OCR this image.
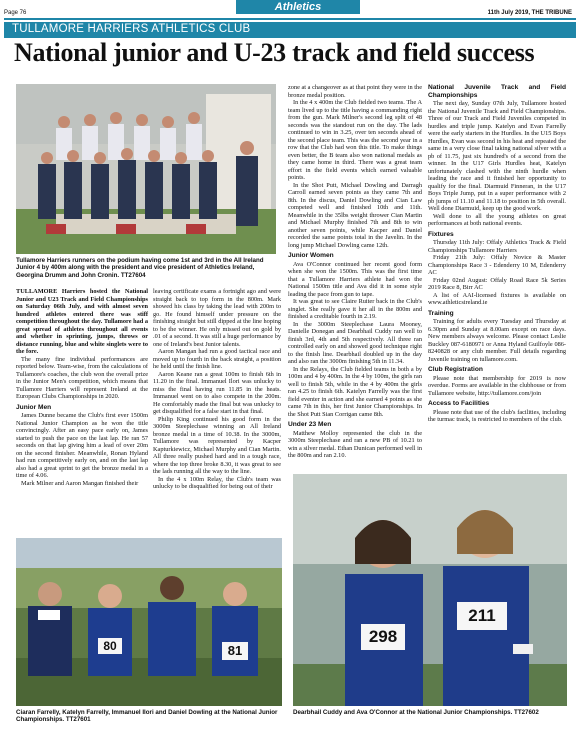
Page 76	Athletics	11th July 2019, THE TRIBUNE
TULLAMORE HARRIERS ATHLETICS CLUB
National junior and U-23 track and field success
Tullamore Harriers runners on the podium having come 1st and 3rd in the All Ireland Junior 4 by 400m along with the president and vice president of Athletics Ireland, Georgina Drumm and John Cronin. TT27604

TULLAMORE Harriers hosted the National Junior and U23 Track and Field Championships on Saturday 06th July, and with almost seven hundred athletes entered there was stiff competition throughout the day. Tullamore had a great spread of athletes throughout all events and whether in sprinting, jumps, throws or distance running, blue and white singlets were to the fore.

The many fine individual performances are reported below. Team-wise, from the calculations of Tullamore's coaches, the club won the overall prize in the Junior Men's competition, which means that Tullamore Harriers will represent Ireland at the European Clubs Championships in 2020.

Junior Men

James Dunne became the Club's first ever 1500m National Junior Champion as he won the title convincingly. After an easy pace early on, James started to push the pace on the last lap. He ran 57 seconds on that lap giving him a lead of over 20m on the second finisher. Meanwhile, Ronan Hyland had run competitively early on, and on the last lap also had a great sprint to get the bronze medal in a time of 4.06.

Mark Milner and Aaron Mangan finished their

leaving certificate exams a fortnight ago and were straight back to top form in the 800m. Mark showed his class by taking the lead with 200m to go. He found himself under pressure on the finishing straight but still dipped at the line hoping to be the winner. He only missed out on gold by .01 of a second. It was still a huge performance by one of Ireland's best Junior talents.

Aaron Mangan had run a good tactical race and moved up to fourth in the back straight, a position he held until the finish line.

Aaron Keane ran a great 100m to finish 6th in 11.20 in the final. Immanuel Ilori was unlucky to miss the final having run 11.85 in the heats. Immanuel went on to also compete in the 200m. He comfortably made the final but was unlucky to get disqualified for a false start in that final.

Philip King continued his good form in the 3000m Steeplechase winning an All Ireland bronze medal in a time of 10.38. In the 3000m, Tullamore was represented by Kacper Kapturkiewicz, Michael Murphy and Cian Martin. All three really pushed hard and in a tough race, where the top three broke 8.30, it was great to see the lads running all the way to the line.

In the 4 x 100m Relay, the Club's team was unlucky to be disqualified for being out of their

zone at a changeover as at that point they were in the bronze medal position.

In the 4 x 400m the Club fielded two teams. The A team lived up to the title having a commanding right from the gun. Mark Milner's second leg split of 48 seconds was the standout run on the day. The lads continued to win in 3.25, over ten seconds ahead of the second place team. This was the second year in a row that the Club had won this title. To make things even better, the B team also won national medals as they came home in third. There was a great team effort in the field events which earned valuable points.

In the Shot Putt, Michael Dowling and Darragh Carroll earned seven points as they came 7th and 8th. In the discus, Daniel Dowling and Cian Law competed well and finished 10th and 11th. Meanwhile in the 35lbs weight thrower Cian Martin and Michael Murphy finished 7th and 8th to win another seven points, while Kacper and Daniel recorded the same points total in the Javelin. In the long jump Michael Dowling came 12th.

Junior Women

Ava O'Connor continued her recent good form when she won the 1500m. This was the first time that a Tullamore Harriers athlete had won the National 1500m title and Ava did it in some style leading the pace from gun to tape.

It was great to see Claire Ruiter back in the Club's singlet. She really gave it her all in the 800m and finished a creditable fourth in 2.19.

In the 3000m Steeplechase Laura Mooney, Danielle Donegan and Dearbhail Cuddy ran well to finish 3rd, 4th and 5th respectively. All three ran controlled early on and showed good technique right to the finish line. Dearbhail doubled up in the day and also ran the 3000m finishing 5th in 11.34.

In the Relays, the Club fielded teams in both a by 100m and 4 by 400m. In the 4 by 100m, the girls ran well to finish 5th, while in the 4 by 400m the girls ran 4.25 to finish 6th. Katelyn Farrelly was the first field eventer in action and she earned 4 points as she came 7th in this, her first Junior Championships. In the Shot Putt Sian Corrigan came 8th.

Under 23 Men

Matthew Molloy represented the club in the 3000m Steeplechase and ran a new PB of 10.21 to win a silver medal. Ethan Dunican performed well in the 800m and ran 2.10.

National Juvenile Track and Field Championships

The next day, Sunday 07th July, Tullamore hosted the National Juvenile Track and Field Championships. Three of our Track and Field Juveniles competed in hurdles and triple jump. Katelyn and Evan Farrelly were the early starters in the Hurdles. In the U15 Boys Hurdles, Evan was second in his heat and repeated the same in a very close final taking national silver with a pb of 11.75, just six hundred's of a second from the winner. In the U17 Girls Hurdles heat, Katelyn unfortunately clashed with the ninth hurdle when leading the race and it finished her opportunity to qualify for the final. Diarmuid Finneran, in the U17 Boys Triple Jump, put in a super performance with 2 pb jumps of 11.10 and 11.18 to position in 5th overall. Well done Diarmuid, keep up the good work.

Well done to all the young athletes on great performances at both national events.

Fixtures

Thursday 11th July: Offaly Athletics Track & Field Championships Tullamore Harriers

Friday 21th July: Offaly Novice & Master Championships Race 3 - Edenderry 10 M, Edenderry AC

Friday 02nd August: Offaly Road Race 5k Series 2019 Race 8, Birr AC

A list of AAI-licensed fixtures is available on www.athleticsireland.ie

Training

Training for adults every Tuesday and Thursday at 6.30pm and Sunday at 8.00am except on race days. New members always welcome. Please contact Leslie Buckley 087-6180971 or Anna Hyland Guilfoyle 086-8240828 or any club member. Full details regarding Juvenile training on tullamore.com.

Club Registration

Please note that membership for 2019 is now overdue. Forms are available in the clubhouse or from Tullamore website, http://tullamore.com/join

Access to Facilities

Please note that use of the club's facilities, including the turmac track, is restricted to members of the club.

80	81
Ciaran Farrelly, Katelyn Farrelly, Immanuel Ilori and Daniel Dowling at the National Junior Championships. TT27601
298
211
Dearbhail Cuddy and Ava O'Connor at the National Junior Championships. TT27602
